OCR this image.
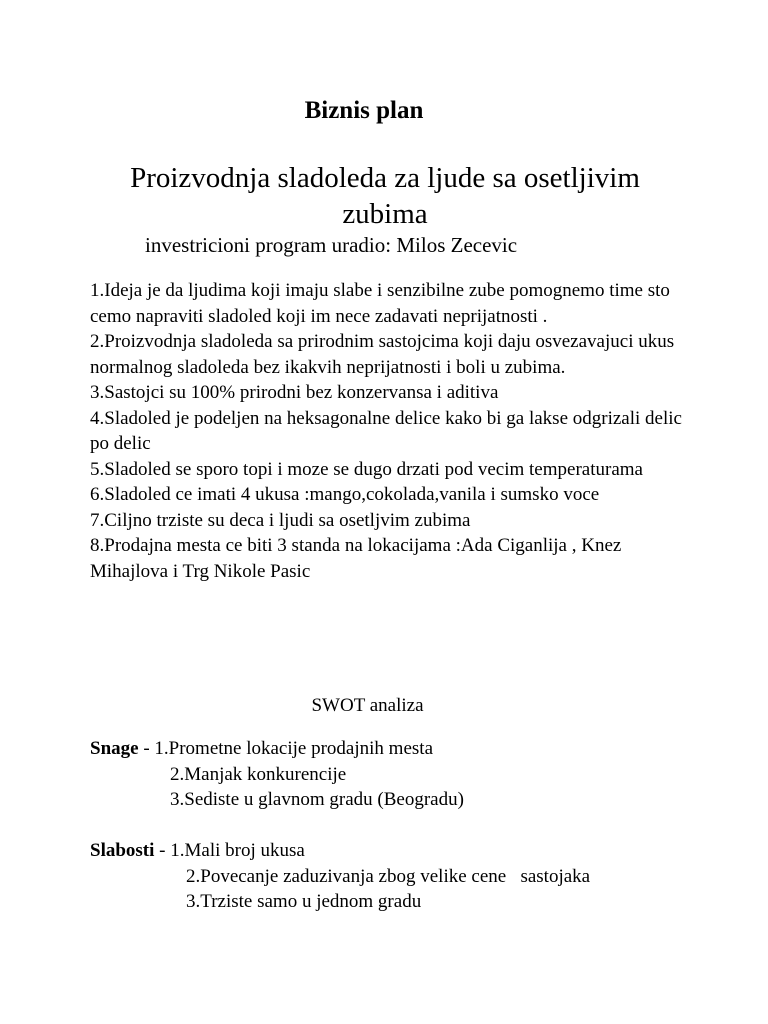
Biznis plan
Proizvodnja sladoleda za ljude sa osetljivim zubima
investricioni program uradio: Milos Zecevic

1.Ideja je da ljudima koji imaju slabe i senzibilne zube pomognemo time sto cemo napraviti sladoled koji im nece zadavati neprijatnosti .

2.Proizvodnja sladoleda sa prirodnim sastojcima koji daju osvezavajuci ukus normalnog sladoleda bez ikakvih neprijatnosti i boli u zubima.

3.Sastojci su 100% prirodni bez konzervansa i aditiva

4.Sladoled je podeljen na heksagonalne delice kako bi ga lakse odgrizali delic po delic

5.Sladoled se sporo topi i moze se dugo drzati pod vecim temperaturama

6.Sladoled ce imati 4 ukusa :mango,cokolada,vanila i sumsko voce

7.Ciljno trziste su deca i ljudi sa osetljvim zubima

8.Prodajna mesta ce biti 3 standa na lokacijama :Ada Ciganlija , Knez Mihajlova i Trg Nikole Pasic

SWOT analiza

Snage - 1.Prometne lokacije prodajnih mesta

2.Manjak konkurencije

3.Sediste u glavnom gradu (Beogradu)

Slabosti - 1.Mali broj ukusa

2.Povecanje zaduzivanja zbog velike cene   sastojaka

3.Trziste samo u jednom gradu
